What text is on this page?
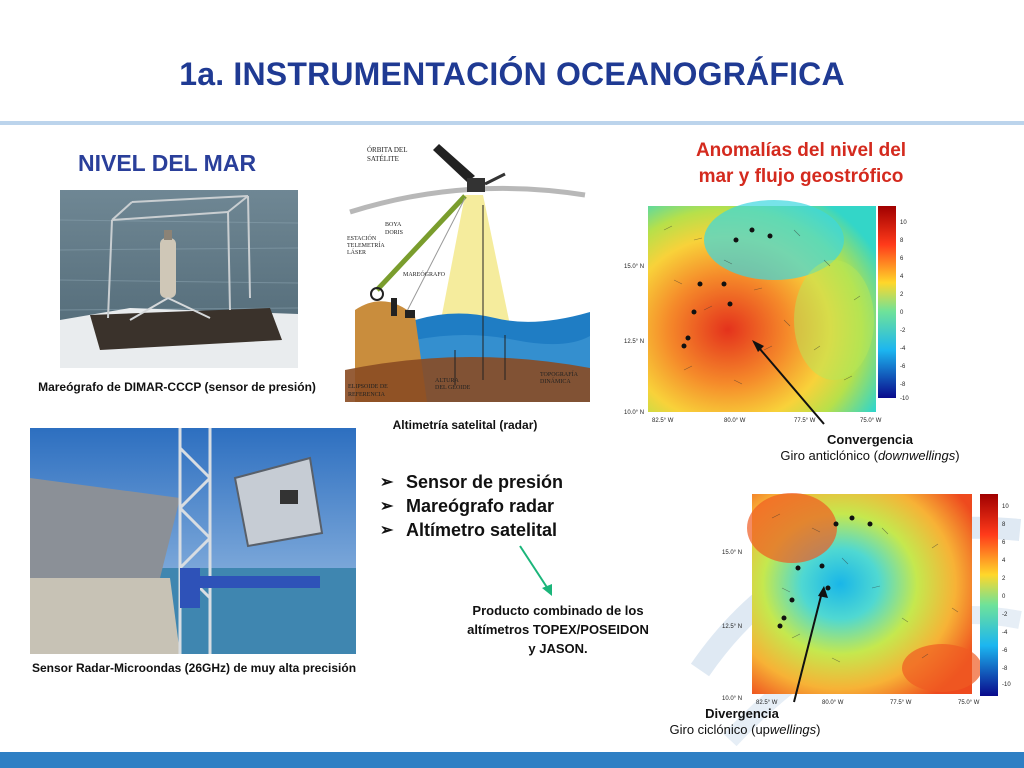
1a. INSTRUMENTACIÓN OCEANOGRÁFICA
NIVEL DEL MAR
Mareógrafo de DIMAR-CCCP (sensor de presión)
ÓRBITA DEL
SATÉLITE
BOYA
DORIS
ESTACIÓN
TELEMETRÍA
LÁSER
MAREÓGRAFO
TOPOGRAFÍA
DINÁMICA
ALTURA
DEL GEOIDE
ELIPSOIDE DE
REFERENCIA
Altimetría satelital (radar)
Sensor Radar-Microondas (26GHz) de muy alta precisión
➢ Sensor de presión
➢ Mareógrafo radar
➢ Altímetro satelital
Producto combinado de los
altímetros TOPEX/POSEIDON
y JASON.
Anomalías del nivel del
mar y flujo geostrófico
15.0° N
12.5° N
10.0° N
82.5° W	80.0° W	77.5° W	75.0° W
10
8
6
4
2
0
-2
-4
-6
-8
-10
Convergencia
Giro anticlónico (downwellings)
15.0° N
12.5° N
10.0° N
82.5° W	80.0° W	77.5° W	75.0° W
10
8
6
4
2
0
-2
-4
-6
-8
-10
Divergencia
Giro ciclónico (upwellings)
